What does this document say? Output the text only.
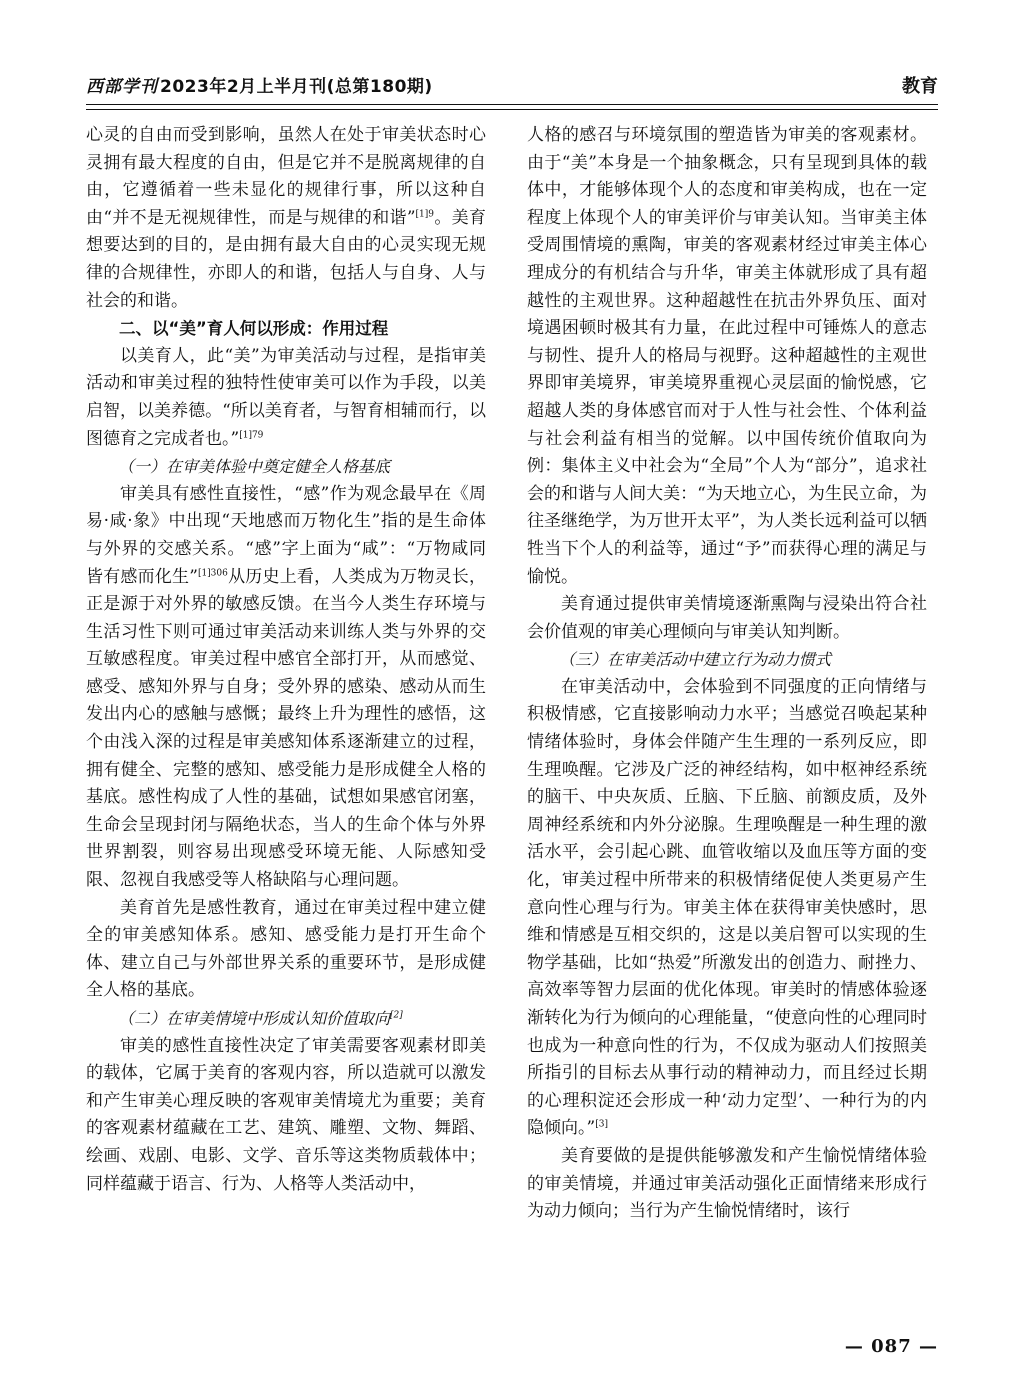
西部学刊 2023年2月上半月刊(总第180期)	教育

心灵的自由而受到影响，虽然人在处于审美状态时心灵拥有最大程度的自由，但是它并不是脱离规律的自由，它遵循着一些未显化的规律行事，所以这种自由“并不是无视规律性，而是与规律的和谐”$^{[1]9}$。美育想要达到的目的，是由拥有最大自由的心灵实现无规律的合规律性，亦即人的和谐，包括人与自身、人与社会的和谐。

二、以“美”育人何以形成：作用过程

以美育人，此“美”为审美活动与过程，是指审美活动和审美过程的独特性使审美可以作为手段，以美启智，以美养德。“所以美育者，与智育相辅而行，以图德育之完成者也。”$^{[1]79}$

（一）在审美体验中奠定健全人格基底

审美具有感性直接性，“感”作为观念最早在《周易·咸·象》中出现“天地感而万物化生”指的是生命体与外界的交感关系。“感”字上面为“咸”：“万物咸同皆有感而化生”$^{[1]306}$从历史上看，人类成为万物灵长，正是源于对外界的敏感反馈。在当今人类生存环境与生活习性下则可通过审美活动来训练人类与外界的交互敏感程度。审美过程中感官全部打开，从而感觉、感受、感知外界与自身；受外界的感染、感动从而生发出内心的感触与感慨；最终上升为理性的感悟，这个由浅入深的过程是审美感知体系逐渐建立的过程，拥有健全、完整的感知、感受能力是形成健全人格的基底。感性构成了人性的基础，试想如果感官闭塞，生命会呈现封闭与隔绝状态，当人的生命个体与外界世界割裂，则容易出现感受环境无能、人际感知受限、忽视自我感受等人格缺陷与心理问题。

美育首先是感性教育，通过在审美过程中建立健全的审美感知体系。感知、感受能力是打开生命个体、建立自己与外部世界关系的重要环节，是形成健全人格的基底。

（二）在审美情境中形成认知价值取向[2]

审美的感性直接性决定了审美需要客观素材即美的载体，它属于美育的客观内容，所以造就可以激发和产生审美心理反映的客观审美情境尤为重要；美育的客观素材蕴藏在工艺、建筑、雕塑、文物、舞蹈、绘画、戏剧、电影、文学、音乐等这类物质载体中；同样蕴藏于语言、行为、人格等人类活动中，

人格的感召与环境氛围的塑造皆为审美的客观素材。由于“美”本身是一个抽象概念，只有呈现到具体的载体中，才能够体现个人的态度和审美构成，也在一定程度上体现个人的审美评价与审美认知。当审美主体受周围情境的熏陶，审美的客观素材经过审美主体心理成分的有机结合与升华，审美主体就形成了具有超越性的主观世界。这种超越性在抗击外界负压、面对境遇困顿时极其有力量，在此过程中可锤炼人的意志与韧性、提升人的格局与视野。这种超越性的主观世界即审美境界，审美境界重视心灵层面的愉悦感，它超越人类的身体感官而对于人性与社会性、个体利益与社会利益有相当的觉解。以中国传统价值取向为例：集体主义中社会为“全局”个人为“部分”，追求社会的和谐与人间大美：“为天地立心，为生民立命，为往圣继绝学，为万世开太平”，为人类长远利益可以牺牲当下个人的利益等，通过“予”而获得心理的满足与愉悦。

美育通过提供审美情境逐渐熏陶与浸染出符合社会价值观的审美心理倾向与审美认知判断。

（三）在审美活动中建立行为动力惯式

在审美活动中，会体验到不同强度的正向情绪与积极情感，它直接影响动力水平；当感觉召唤起某种情绪体验时，身体会伴随产生生理的一系列反应，即生理唤醒。它涉及广泛的神经结构，如中枢神经系统的脑干、中央灰质、丘脑、下丘脑、前额皮质，及外周神经系统和内外分泌腺。生理唤醒是一种生理的激活水平，会引起心跳、血管收缩以及血压等方面的变化，审美过程中所带来的积极情绪促使人类更易产生意向性心理与行为。审美主体在获得审美快感时，思维和情感是互相交织的，这是以美启智可以实现的生物学基础，比如“热爱”所激发出的创造力、耐挫力、高效率等智力层面的优化体现。审美时的情感体验逐渐转化为行为倾向的心理能量，“使意向性的心理同时也成为一种意向性的行为，不仅成为驱动人们按照美所指引的目标去从事行动的精神动力，而且经过长期的心理积淀还会形成一种‘动力定型’、一种行为的内隐倾向。”[3]

美育要做的是提供能够激发和产生愉悦情绪体验的审美情境，并通过审美活动强化正面情绪来形成行为动力倾向；当行为产生愉悦情绪时，该行

— 087 —
